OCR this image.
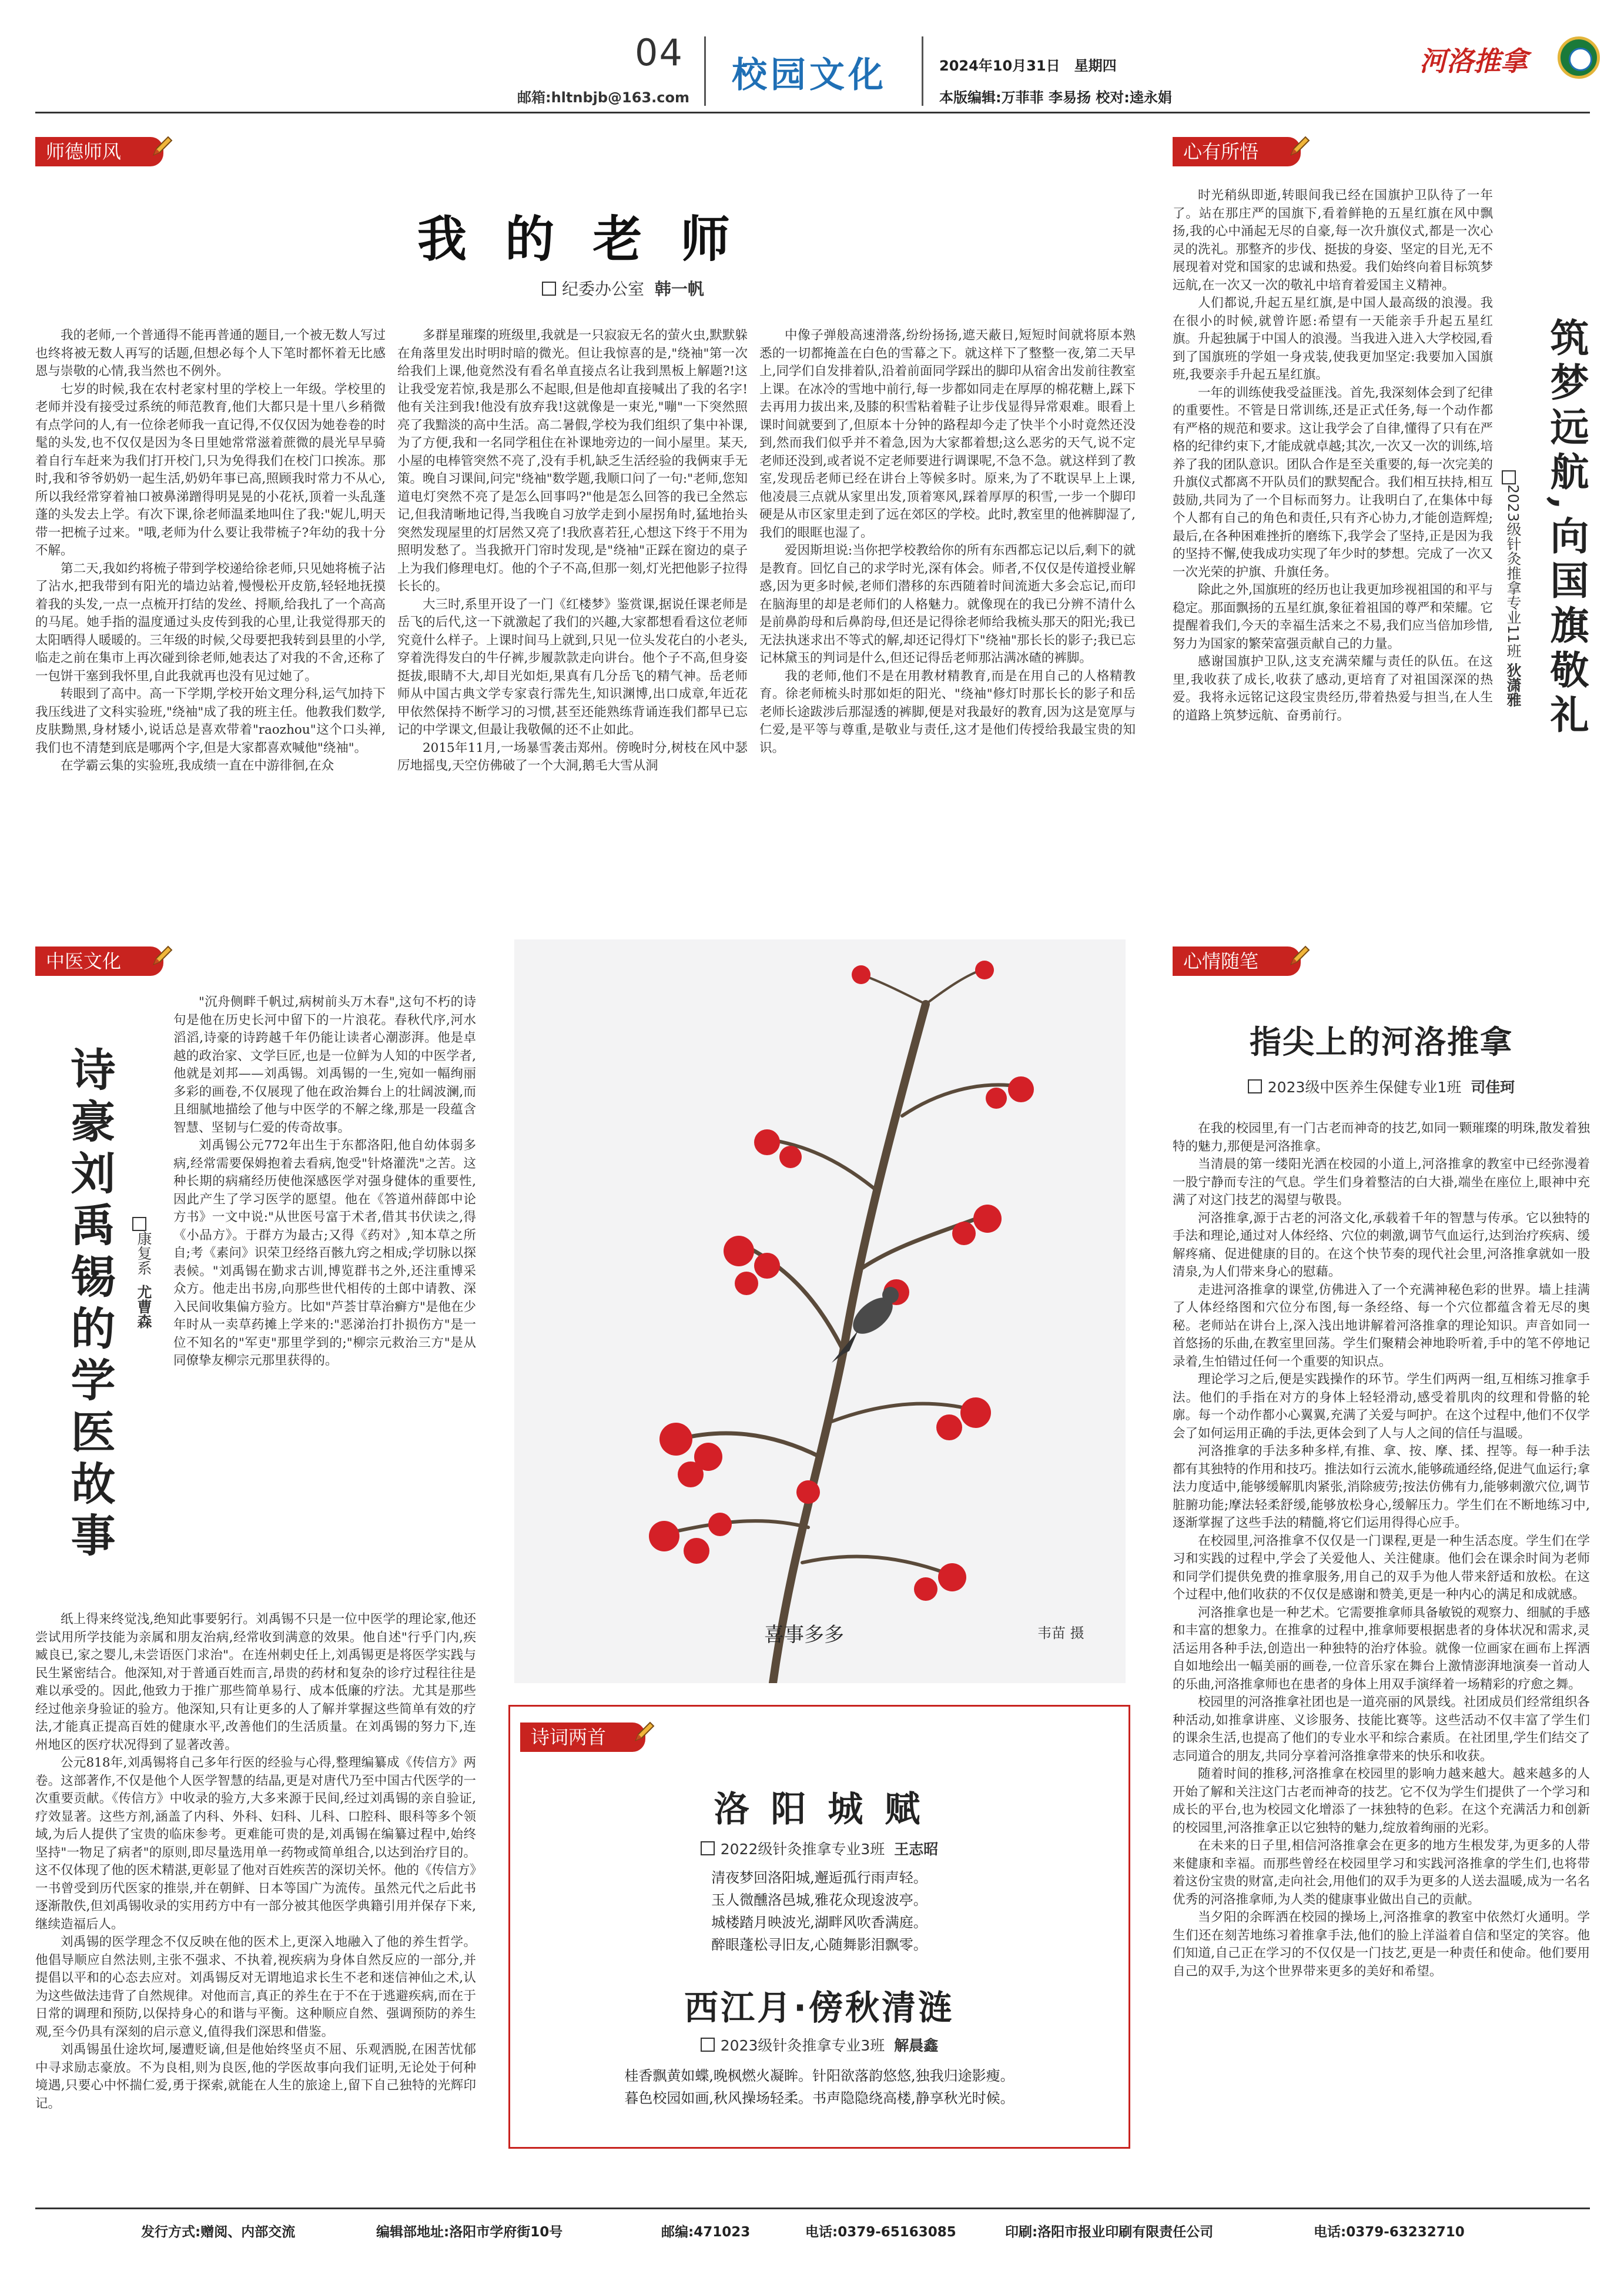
04
邮箱:hltnbjb@163.com
校园文化	2024年10月31日　星期四
本版编辑:万菲菲 李易扬 校对:逵永娟
河洛推拿
师德师风
我 的 老 师
纪委办公室 韩一帆

我的老师,一个普通得不能再普通的题目,一个被无数人写过也终将被无数人再写的话题,但想必每个人下笔时都怀着无比感恩与崇敬的心情,我当然也不例外。

七岁的时候,我在农村老家村里的学校上一年级。学校里的老师并没有接受过系统的师范教育,他们大都只是十里八乡稍微有点学问的人,有一位徐老师我一直记得,不仅仅因为她卷卷的时髦的头发,也不仅仅是因为冬日里她常常滋着蔗微的晨光早早骑着自行车赶来为我们打开校门,只为免得我们在校门口挨冻。那时,我和爷爷奶奶一起生活,奶奶年事已高,照顾我时常力不从心,所以我经常穿着袖口被鼻涕蹭得明晃晃的小花袄,顶着一头乱蓬蓬的头发去上学。有次下课,徐老师温柔地叫住了我:"妮儿,明天带一把梳子过来。"哦,老师为什么要让我带梳子?年幼的我十分不解。

第二天,我如约将梳子带到学校递给徐老师,只见她将梳子沾了沾水,把我带到有阳光的墙边站着,慢慢松开皮筋,轻轻地抚摸着我的头发,一点一点梳开打结的发丝、捋顺,给我扎了一个高高的马尾。她手指的温度通过头皮传到我的心里,让我觉得那天的太阳晒得人暖暖的。三年级的时候,父母要把我转到县里的小学,临走之前在集市上再次碰到徐老师,她表达了对我的不舍,还称了一包饼干塞到我怀里,自此我就再也没有见过她了。

转眼到了高中。高一下学期,学校开始文理分科,运气加持下我压线进了文科实验班,"绕袖"成了我的班主任。他教我们数学,皮肤黝黑,身材矮小,说话总是喜欢带着"raozhou"这个口头禅,我们也不清楚到底是哪两个字,但是大家都喜欢喊他"绕袖"。

在学霸云集的实验班,我成绩一直在中游徘徊,在众

多群星璀璨的班级里,我就是一只寂寂无名的萤火虫,默默躲在角落里发出时明时暗的微光。但让我惊喜的是,"绕袖"第一次给我们上课,他竟然没有看名单直接点名让我到黑板上解题?!这让我受宠若惊,我是那么不起眼,但是他却直接喊出了我的名字!他有关注到我!他没有放弃我!这就像是一束光,"嘣"一下突然照亮了我黯淡的高中生活。高二暑假,学校为我们组织了集中补课,为了方便,我和一名同学租住在补课地旁边的一间小屋里。某天,小屋的电棒管突然不亮了,没有手机,缺乏生活经验的我俩束手无策。晚自习课间,问完"绕袖"数学题,我顺口问了一句:"老师,您知道电灯突然不亮了是怎么回事吗?"他是怎么回答的我已全然忘记,但我清晰地记得,当我晚自习放学走到小屋拐角时,猛地抬头突然发现屋里的灯居然又亮了!我欣喜若狂,心想这下终于不用为照明发愁了。当我掀开门帘时发现,是"绕袖"正踩在窗边的桌子上为我们修理电灯。他的个子不高,但那一刻,灯光把他影子拉得长长的。

大三时,系里开设了一门《红楼梦》鉴赏课,据说任课老师是岳飞的后代,这一下就激起了我们的兴趣,大家都想看看这位老师究竟什么样子。上课时间马上就到,只见一位头发花白的小老头,穿着洗得发白的牛仔裤,步履款款走向讲台。他个子不高,但身姿挺拔,眼睛不大,却目光如炬,果真有几分岳飞的精气神。岳老师师从中国古典文学专家袁行霈先生,知识渊博,出口成章,年近花甲依然保持不断学习的习惯,甚至还能熟练背诵连我们都早已忘记的中学课文,但最让我敬佩的还不止如此。

2015年11月,一场暴雪袭击郑州。傍晚时分,树枝在风中瑟厉地摇曳,天空仿佛破了一个大洞,鹅毛大雪从洞

中像子弹般高速滑落,纷纷扬扬,遮天蔽日,短短时间就将原本熟悉的一切都掩盖在白色的雪幕之下。就这样下了整整一夜,第二天早上,同学们自发排着队,沿着前面同学踩出的脚印从宿舍出发前往教室上课。在冰冷的雪地中前行,每一步都如同走在厚厚的棉花糖上,踩下去再用力拔出来,及膝的积雪粘着鞋子让步伐显得异常艰难。眼看上课时间就要到了,但原本十分钟的路程却今走了快半个小时竟然还没到,然而我们似乎并不着急,因为大家都着想;这么恶劣的天气,说不定老师还没到,或者说不定老师要进行调课呢,不急不急。就这样到了教室,发现岳老师已经在讲台上等候多时。原来,为了不耽误早上上课,他凌晨三点就从家里出发,顶着寒风,踩着厚厚的积雪,一步一个脚印硬是从市区家里走到了远在郊区的学校。此时,教室里的他裤脚湿了,我们的眼眶也湿了。

爱因斯坦说:当你把学校教给你的所有东西都忘记以后,剩下的就是教育。回忆自己的求学时光,深有体会。师者,不仅仅是传道授业解惑,因为更多时候,老师们潜移的东西随着时间流逝大多会忘记,而印在脑海里的却是老师们的人格魅力。就像现在的我已分辨不清什么是前鼻韵母和后鼻韵母,但还是记得徐老师给我梳头那天的阳光;我已无法执迷求出不等式的解,却还记得灯下"绕袖"那长长的影子;我已忘记林黛玉的判词是什么,但还记得岳老师那沾满冰碴的裤脚。

我的老师,他们不是在用教材精教育,而是在用自己的人格精教育。徐老师梳头时那如炬的阳光、"绕袖"修灯时那长长的影子和岳老师长途跋涉后那湿透的裤脚,便是对我最好的教育,因为这是宽厚与仁爱,是平等与尊重,是敬业与责任,这才是他们传授给我最宝贵的知识。

心有所悟

时光稍纵即逝,转眼间我已经在国旗护卫队待了一年了。站在那庄严的国旗下,看着鲜艳的五星红旗在风中飘扬,我的心中涌起无尽的自豪,每一次升旗仪式,都是一次心灵的洗礼。那整齐的步伐、挺拔的身姿、坚定的目光,无不展现着对党和国家的忠诚和热爱。我们始终向着目标筑梦远航,在一次又一次的敬礼中培育着爱国主义精神。

人们都说,升起五星红旗,是中国人最高级的浪漫。我在很小的时候,就曾许愿:希望有一天能亲手升起五星红旗。升起独属于中国人的浪漫。当我进入进入大学校园,看到了国旗班的学姐一身戎装,使我更加坚定:我要加入国旗班,我要亲手升起五星红旗。

一年的训练使我受益匪浅。首先,我深刻体会到了纪律的重要性。不管是日常训练,还是正式任务,每一个动作都有严格的规范和要求。这让我学会了自律,懂得了只有在严格的纪律约束下,才能成就卓越;其次,一次又一次的训练,培养了我的团队意识。团队合作是至关重要的,每一次完美的升旗仪式都离不开队员们的默契配合。我们相互扶持,相互鼓励,共同为了一个目标而努力。让我明白了,在集体中每个人都有自己的角色和责任,只有齐心协力,才能创造辉煌;最后,在各种困难挫折的磨练下,我学会了坚持,正是因为我的坚持不懈,使我成功实现了年少时的梦想。完成了一次又一次光荣的护旗、升旗任务。

除此之外,国旗班的经历也让我更加珍视祖国的和平与稳定。那面飘扬的五星红旗,象征着祖国的尊严和荣耀。它提醒着我们,今天的幸福生活来之不易,我们应当倍加珍惜,努力为国家的繁荣富强贡献自己的力量。

感谢国旗护卫队,这支充满荣耀与责任的队伍。在这里,我收获了成长,收获了感动,更培育了对祖国深深的热爱。我将永远铭记这段宝贵经历,带着热爱与担当,在人生的道路上筑梦远航、奋勇前行。	筑梦远航,向国旗敬礼
2023级针灸推拿专业11班 狄潇雅
中医文化
诗豪刘禹锡的学医故事 康复系  尤曹森

"沉舟侧畔千帆过,病树前头万木春",这句不朽的诗句是他在历史长河中留下的一片浪花。春秋代序,河水滔滔,诗豪的诗跨越千年仍能让读者心潮澎湃。他是卓越的政治家、文学巨匠,也是一位鲜为人知的中医学者,他就是刘邦——刘禹锡。刘禹锡的一生,宛如一幅绚丽多彩的画卷,不仅展现了他在政治舞台上的壮阔波澜,而且细腻地描绘了他与中医学的不解之缘,那是一段蕴含智慧、坚韧与仁爱的传奇故事。

刘禹锡公元772年出生于东都洛阳,他自幼体弱多病,经常需要保姆抱着去看病,饱受"针烙灌洗"之苦。这种长期的病痛经历使他深感医学对强身健体的重要性,因此产生了学习医学的愿望。他在《答道州薛郎中论方书》一文中说:"从世医号富于术者,借其书伏读之,得《小品方》。于群方为最古;又得《药对》,知本草之所自;考《素问》识荣卫经络百骸九窍之相成;学切脉以探表候。"刘禹锡在勤求古训,博览群书之外,还注重博采众方。他走出书房,向那些世代相传的土郎中请教、深入民间收集偏方验方。比如"芦荟甘草治癣方"是他在少年时从一卖草药摊上学来的:"恶涕治打扑损伤方"是一位不知名的"军吏"那里学到的;"柳宗元救治三方"是从同僚挚友柳宗元那里获得的。

纸上得来终觉浅,绝知此事要躬行。刘禹锡不只是一位中医学的理论家,他还尝试用所学技能为亲属和朋友治病,经常收到满意的效果。他自述"行乎门内,疾臧良已,家之婴儿,未尝语医门求治"。在连州刺史任上,刘禹锡更是将医学实践与民生紧密结合。他深知,对于普通百姓而言,昂贵的药材和复杂的诊疗过程往往是难以承受的。因此,他致力于推广那些简单易行、成本低廉的疗法。尤其是那些经过他亲身验证的验方。他深知,只有让更多的人了解并掌握这些简单有效的疗法,才能真正提高百姓的健康水平,改善他们的生活质量。在刘禹锡的努力下,连州地区的医疗状况得到了显著改善。

公元818年,刘禹锡将自己多年行医的经验与心得,整理编纂成《传信方》两卷。这部著作,不仅是他个人医学智慧的结晶,更是对唐代乃至中国古代医学的一次重要贡献。《传信方》中收录的验方,大多来源于民间,经过刘禹锡的亲自验证,疗效显著。这些方剂,涵盖了内科、外科、妇科、儿科、口腔科、眼科等多个领域,为后人提供了宝贵的临床参考。更难能可贵的是,刘禹锡在编纂过程中,始终坚持"一物足了病者"的原则,即尽量选用单一药物或简单组合,以达到治疗目的。这不仅体现了他的医术精湛,更彰显了他对百姓疾苦的深切关怀。他的《传信方》一书曾受到历代医家的推崇,并在朝鲜、日本等国广为流传。虽然元代之后此书逐渐散佚,但刘禹锡收录的实用药方中有一部分被其他医学典籍引用并保存下来,继续造福后人。

刘禹锡的医学理念不仅反映在他的医术上,更深入地融入了他的养生哲学。他倡导顺应自然法则,主张不强求、不执着,视疾病为身体自然反应的一部分,并提倡以平和的心态去应对。刘禹锡反对无谓地追求长生不老和迷信神仙之术,认为这些做法违背了自然规律。对他而言,真正的养生在于不在于逃避疾病,而在于日常的调理和预防,以保持身心的和谐与平衡。这种顺应自然、强调预防的养生观,至今仍具有深刻的启示意义,值得我们深思和借鉴。

刘禹锡虽仕途坎坷,屡遭贬谪,但是他始终坚贞不屈、乐观洒脱,在困苦忧郁中寻求励志豪放。不为良相,则为良医,他的学医故事向我们证明,无论处于何种境遇,只要心中怀揣仁爱,勇于探索,就能在人生的旅途上,留下自己独特的光辉印记。

喜事多多	韦苗 摄
诗词两首
洛 阳 城 赋
2022级针灸推拿专业3班 王志昭
清夜梦回洛阳城,邂逅孤行雨声轻。
玉人微醺洛邑城,雅花众现逡波亭。
城楼踏月映波光,湖畔风吹香满庭。
醉眼蓬松寻旧友,心随舞影泪飘零。
西江月·傍秋清涟
2023级针灸推拿专业3班 解晨鑫
桂香飘黄如蝶,晚枫燃火凝眸。针阳欲落韵悠悠,独我归途影瘦。
暮色校园如画,秋风操场轻柔。书声隐隐绕高楼,静享秋光时候。
心情随笔
指尖上的河洛推拿
2023级中医养生保健专业1班 司佳珂

在我的校园里,有一门古老而神奇的技艺,如同一颗璀璨的明珠,散发着独特的魅力,那便是河洛推拿。

当清晨的第一缕阳光洒在校园的小道上,河洛推拿的教室中已经弥漫着一股宁静而专注的气息。学生们身着整洁的白大褂,端坐在座位上,眼神中充满了对这门技艺的渴望与敬畏。

河洛推拿,源于古老的河洛文化,承载着千年的智慧与传承。它以独特的手法和理论,通过对人体经络、穴位的刺激,调节气血运行,达到治疗疾病、缓解疼痛、促进健康的目的。在这个快节奏的现代社会里,河洛推拿就如一股清泉,为人们带来身心的慰藉。

走进河洛推拿的课堂,仿佛进入了一个充满神秘色彩的世界。墙上挂满了人体经络图和穴位分布图,每一条经络、每一个穴位都蕴含着无尽的奥秘。老师站在讲台上,深入浅出地讲解着河洛推拿的理论知识。声音如同一首悠扬的乐曲,在教室里回荡。学生们聚精会神地聆听着,手中的笔不停地记录着,生怕错过任何一个重要的知识点。

理论学习之后,便是实践操作的环节。学生们两两一组,互相练习推拿手法。他们的手指在对方的身体上轻轻滑动,感受着肌肉的纹理和骨骼的轮廓。每一个动作都小心翼翼,充满了关爱与呵护。在这个过程中,他们不仅学会了如何运用正确的手法,更体会到了人与人之间的信任与温暖。

河洛推拿的手法多种多样,有推、拿、按、摩、揉、捏等。每一种手法都有其独特的作用和技巧。推法如行云流水,能够疏通经络,促进气血运行;拿法力度适中,能够缓解肌肉紧张,消除疲劳;按法仿佛有力,能够刺激穴位,调节脏腑功能;摩法轻柔舒缓,能够放松身心,缓解压力。学生们在不断地练习中,逐渐掌握了这些手法的精髓,将它们运用得得心应手。

在校园里,河洛推拿不仅仅是一门课程,更是一种生活态度。学生们在学习和实践的过程中,学会了关爱他人、关注健康。他们会在课余时间为老师和同学们提供免费的推拿服务,用自己的双手为他人带来舒适和放松。在这个过程中,他们收获的不仅仅是感谢和赞美,更是一种内心的满足和成就感。

河洛推拿也是一种艺术。它需要推拿师具备敏锐的观察力、细腻的手感和丰富的想象力。在推拿的过程中,推拿师要根据患者的身体状况和需求,灵活运用各种手法,创造出一种独特的治疗体验。就像一位画家在画布上挥洒自如地绘出一幅美丽的画卷,一位音乐家在舞台上激情澎湃地演奏一首动人的乐曲,河洛推拿师也在患者的身体上用双手演绎着一场精彩的疗愈之舞。

校园里的河洛推拿社团也是一道亮丽的风景线。社团成员们经常组织各种活动,如推拿讲座、义诊服务、技能比赛等。这些活动不仅丰富了学生们的课余生活,也提高了他们的专业水平和综合素质。在社团里,学生们结交了志同道合的朋友,共同分享着河洛推拿带来的快乐和收获。

随着时间的推移,河洛推拿在校园里的影响力越来越大。越来越多的人开始了解和关注这门古老而神奇的技艺。它不仅为学生们提供了一个学习和成长的平台,也为校园文化增添了一抹独特的色彩。在这个充满活力和创新的校园里,河洛推拿正以它独特的魅力,绽放着绚丽的光彩。

在未来的日子里,相信河洛推拿会在更多的地方生根发芽,为更多的人带来健康和幸福。而那些曾经在校园里学习和实践河洛推拿的学生们,也将带着这份宝贵的财富,走向社会,用他们的双手为更多的人送去温暖,成为一名名优秀的河洛推拿师,为人类的健康事业做出自己的贡献。

当夕阳的余晖洒在校园的操场上,河洛推拿的教室中依然灯火通明。学生们还在刻苦地练习着推拿手法,他们的脸上洋溢着自信和坚定的笑容。他们知道,自己正在学习的不仅仅是一门技艺,更是一种责任和使命。他们要用自己的双手,为这个世界带来更多的美好和希望。

发行方式:赠阅、内部交流	编辑部地址:洛阳市学府街10号	邮编:471023	电话:0379-65163085	印刷:洛阳市报业印刷有限责任公司	电话:0379-63232710
